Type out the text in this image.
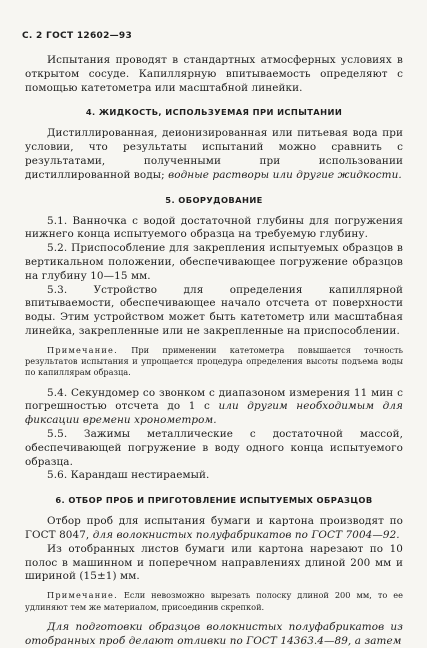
С. 2 ГОСТ 12602—93

Испытания проводят в стандартных атмосферных условиях в открытом сосуде. Капиллярную впитываемость определяют с помощью катетометра или масштабной линейки.

4. ЖИДКОСТЬ, ИСПОЛЬЗУЕМАЯ ПРИ ИСПЫТАНИИ

Дистиллированная, деионизированная или питьевая вода при условии, что результаты испытаний можно сравнить с результатами, полученными при использовании дистиллированной воды; водные растворы или другие жидкости.

5. ОБОРУДОВАНИЕ

5.1. Ванночка с водой достаточной глубины для погружения нижнего конца испытуемого образца на требуемую глубину.

5.2. Приспособление для закрепления испытуемых образцов в вертикальном положении, обеспечивающее погружение образцов на глубину 10—15 мм.

5.3. Устройство для определения капиллярной впитываемости, обеспечивающее начало отсчета от поверхности воды. Этим устройством может быть катетометр или масштабная линейка, закрепленные или не закрепленные на приспособлении.

Примечание. При применении катетометра повышается точность результатов испытания и упрощается процедура определения высоты подъема воды по капиллярам образца.

5.4. Секундомер со звонком с диапазоном измерения 11 мин с погрешностью отсчета до 1 с или другим необходимым для фиксации времени хронометром.

5.5. Зажимы металлические с достаточной массой, обеспечивающей погружение в воду одного конца испытуемого образца.

5.6. Карандаш нестираемый.

6. ОТБОР ПРОБ И ПРИГОТОВЛЕНИЕ ИСПЫТУЕМЫХ ОБРАЗЦОВ

Отбор проб для испытания бумаги и картона производят по ГОСТ 8047, для волокнистых полуфабрикатов по ГОСТ 7004—92.

Из отобранных листов бумаги или картона нарезают по 10 полос в машинном и поперечном направлениях длиной 200 мм и шириной (15±1) мм.

Примечание. Если невозможно вырезать полоску длиной 200 мм, то ее удлиняют тем же материалом, присоединив скрепкой.

Для подготовки образцов волокнистых полуфабрикатов из отобранных проб делают отливки по ГОСТ 14363.4—89, а затем
